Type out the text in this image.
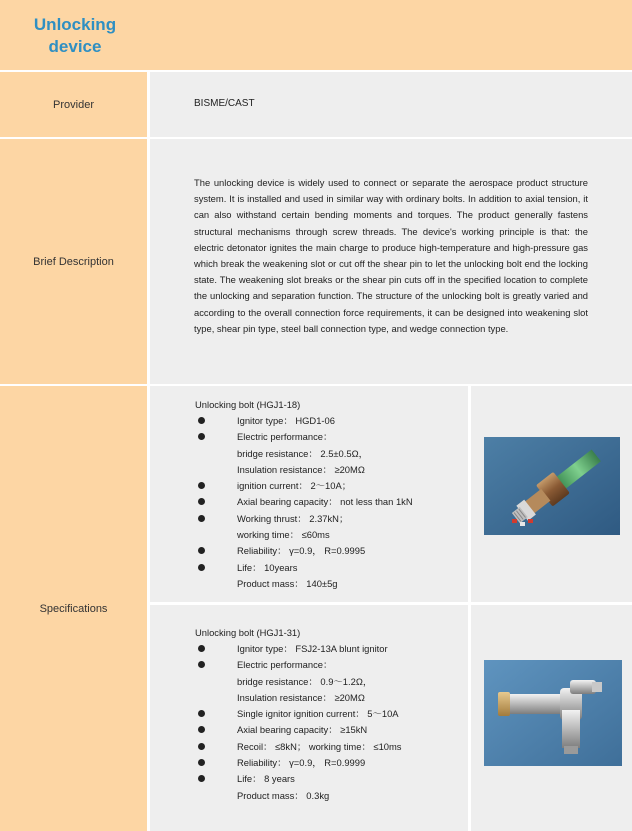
Unlocking device
Provider	BISME/CAST
Brief Description
The unlocking device is widely used to connect or separate the aerospace product structure system. It is installed and used in similar way with ordinary bolts. In addition to axial tension, it can also withstand certain bending moments and torques. The product generally fastens structural mechanisms through screw threads. The device's working principle is that: the electric detonator ignites the main charge to produce high-temperature and high-pressure gas which break the weakening slot or cut off the shear pin to let the unlocking bolt end the locking state. The weakening slot breaks or the shear pin cuts off in the specified location to complete the unlocking and separation function. The structure of the unlocking bolt is greatly varied and according to the overall connection force requirements, it can be designed into weakening slot type, shear pin type, steel ball connection type, and wedge connection type.
Specifications
Unlocking bolt (HGJ1-18)
Ignitor type： HGD1-06
Electric performance：
bridge resistance： 2.5±0.5Ω，
Insulation resistance： ≥20MΩ
ignition current： 2～10A；
Axial bearing capacity： not less than 1kN
Working thrust： 2.37kN；
working time： ≤60ms
Reliability： γ=0.9， R=0.9995
Life： 10years
Product mass： 140±5g
Unlocking bolt (HGJ1-31)
Ignitor type： FSJ2-13A blunt ignitor
Electric performance：
bridge resistance： 0.9～1.2Ω，
Insulation resistance： ≥20MΩ
Single ignitor ignition current： 5～10A
Axial bearing capacity： ≥15kN
Recoil： ≤8kN； working time： ≤10ms
Reliability： γ=0.9， R=0.9999
Life： 8 years
Product mass： 0.3kg
